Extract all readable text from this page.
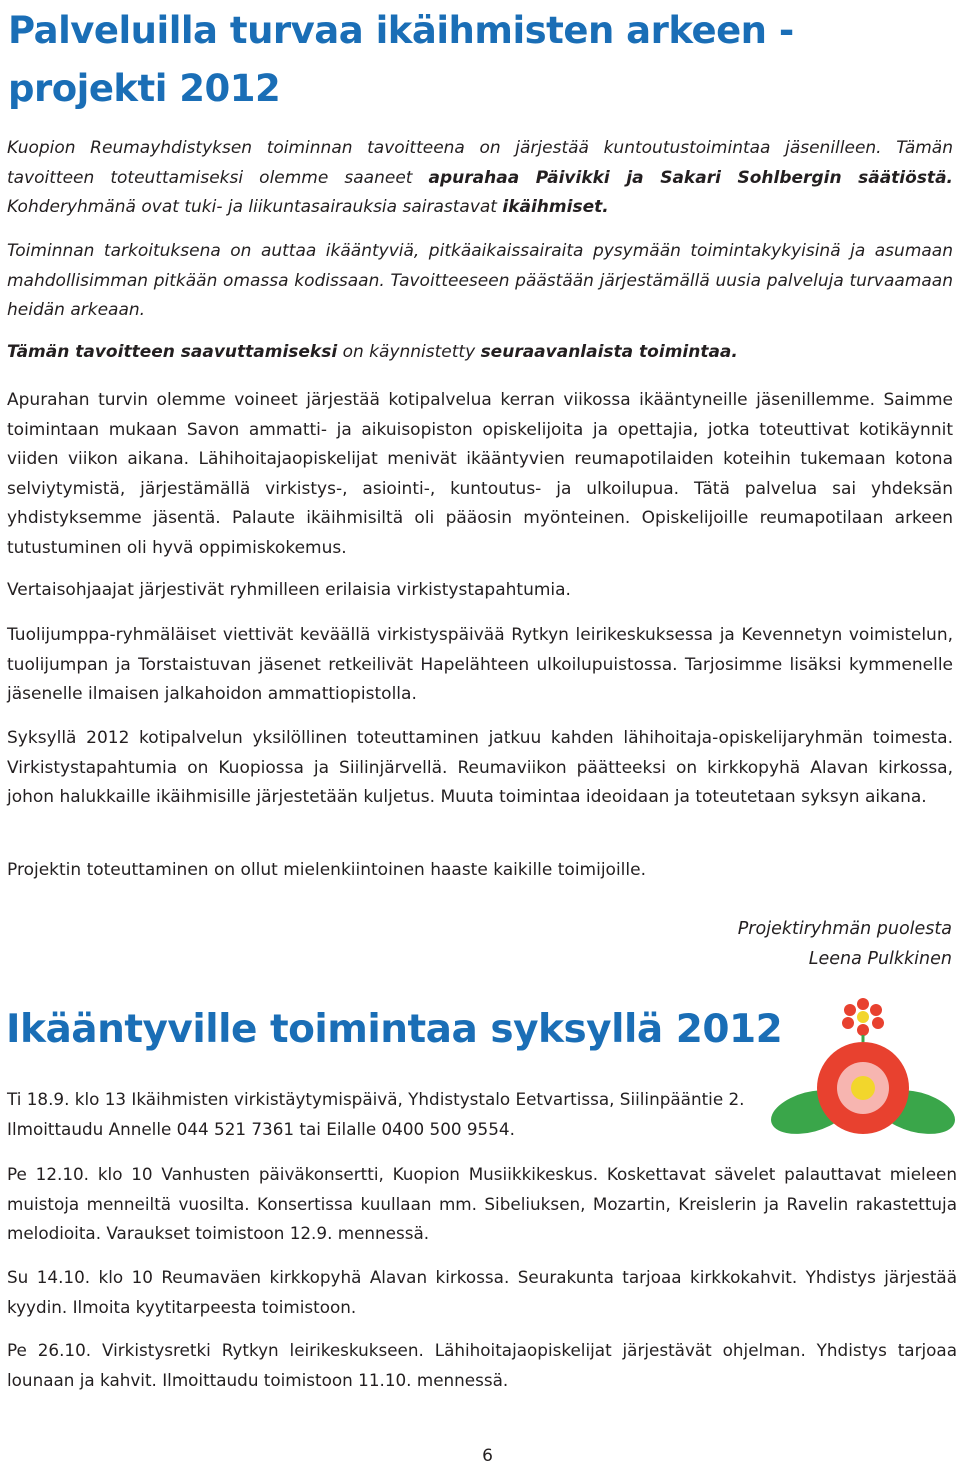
Palveluilla turvaa ikäihmisten arkeen -projekti 2012

Kuopion Reumayhdistyksen toiminnan tavoitteena on järjestää kuntoutustoimintaa jäsenilleen. Tämän tavoitteen toteuttamiseksi olemme saaneet apurahaa Päivikki ja Sakari Sohlbergin säätiöstä. Kohderyhmänä ovat tuki- ja liikuntasairauksia sairastavat ikäihmiset.

Toiminnan tarkoituksena on auttaa ikääntyviä, pitkäaikaissairaita pysymään toimintakykyisinä ja asumaan mahdollisimman pitkään omassa kodissaan. Tavoitteeseen päästään järjestämällä uusia palveluja turvaamaan heidän arkeaan.

Tämän tavoitteen saavuttamiseksi on käynnistetty seuraavanlaista toimintaa.

Apurahan turvin olemme voineet järjestää kotipalvelua kerran viikossa ikääntyneille jäsenillemme. Saimme toimintaan mukaan Savon ammatti- ja aikuisopiston opiskelijoita ja opettajia, jotka toteuttivat kotikäynnit viiden viikon aikana. Lähihoitajaopiskelijat menivät ikääntyvien reumapotilaiden koteihin tukemaan kotona selviytymistä, järjestämällä virkistys-, asiointi-, kuntoutus- ja ulkoilupua. Tätä palvelua sai yhdeksän yhdistyksemme jäsentä. Palaute ikäihmisiltä oli pääosin myönteinen. Opiskelijoille reumapotilaan arkeen tutustuminen oli hyvä oppimiskokemus.

Vertaisohjaajat järjestivät ryhmilleen erilaisia virkistystapahtumia.

Tuolijumppa-ryhmäläiset viettivät keväällä virkistyspäivää Rytkyn leirikeskuksessa ja Kevennetyn voimistelun, tuolijumpan ja Torstaistuvan jäsenet retkeilivät Hapelähteen ulkoilupuistossa. Tarjosimme lisäksi kymmenelle jäsenelle ilmaisen jalkahoidon ammattiopistolla.

Syksyllä 2012 kotipalvelun yksilöllinen toteuttaminen jatkuu kahden lähihoitaja-opiskelijaryhmän toimesta. Virkistystapahtumia on Kuopiossa ja Siilinjärvellä. Reumaviikon päätteeksi on kirkkopyhä Alavan kirkossa, johon halukkaille ikäihmisille järjestetään kuljetus. Muuta toimintaa ideoidaan ja toteutetaan syksyn aikana.

Projektin toteuttaminen on ollut mielenkiintoinen haaste kaikille toimijoille.

Projektiryhmän puolesta
Leena Pulkkinen
Ikääntyville toimintaa syksyllä 2012

Ti 18.9. klo 13 Ikäihmisten virkistäytymispäivä, Yhdistystalo Eetvartissa, Siilinpääntie 2. Ilmoittaudu Annelle 044 521 7361 tai Eilalle 0400 500 9554.

Pe 12.10. klo 10 Vanhusten päiväkonsertti, Kuopion Musiikkikeskus. Koskettavat sävelet palauttavat mieleen muistoja menneiltä vuosilta. Konsertissa kuullaan mm. Sibeliuksen, Mozartin, Kreislerin ja Ravelin rakastettuja melodioita. Varaukset toimistoon 12.9. mennessä.

Su 14.10. klo 10 Reumaväen kirkkopyhä Alavan kirkossa. Seurakunta tarjoaa kirkkokahvit. Yhdistys järjestää kyydin. Ilmoita kyytitarpeesta toimistoon.

Pe 26.10. Virkistysretki Rytkyn leirikeskukseen. Lähihoitajaopiskelijat järjestävät ohjelman. Yhdistys tarjoaa lounaan ja kahvit. Ilmoittaudu toimistoon 11.10. mennessä.

6
